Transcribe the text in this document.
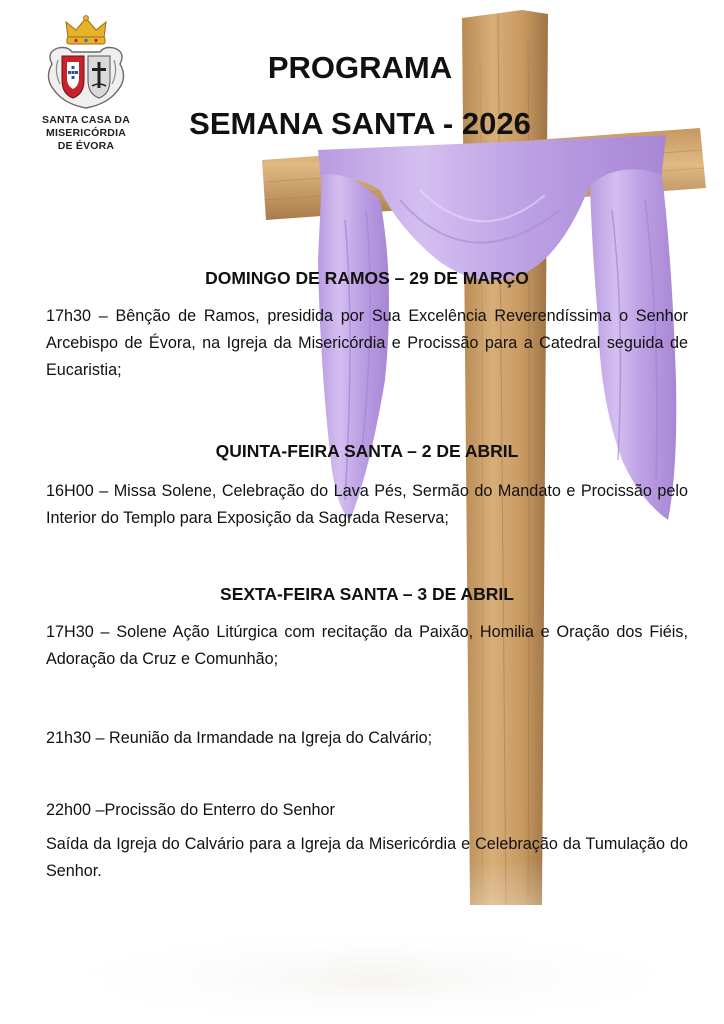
SANTA CASA DA
MISERICÓRDIA
DE ÉVORA
PROGRAMA
SEMANA SANTA - 2026
DOMINGO DE RAMOS – 29 DE MARÇO

17h30 – Bênção de Ramos, presidida por Sua Excelência Reverendíssima o Senhor Arcebispo de Évora, na Igreja da Misericórdia e Procissão para a Catedral seguida de Eucaristia;

QUINTA-FEIRA SANTA – 2 DE ABRIL

16H00 – Missa Solene, Celebração do Lava Pés, Sermão do Mandato e Procissão pelo Interior do Templo para Exposição da Sagrada Reserva;

SEXTA-FEIRA SANTA – 3 DE ABRIL

17H30 – Solene Ação Litúrgica com recitação da Paixão, Homilia e Oração dos Fiéis, Adoração da Cruz e Comunhão;

21h30 – Reunião da Irmandade na Igreja do Calvário;

22h00 –Procissão do Enterro do Senhor

Saída da Igreja do Calvário para a Igreja da Misericórdia e Celebração da Tumulação do Senhor.
